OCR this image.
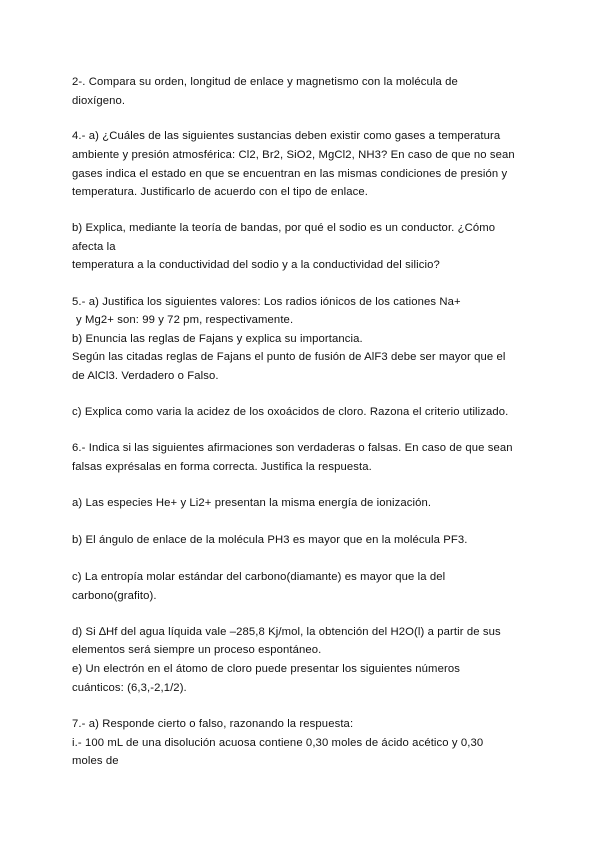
2-. Compara su orden, longitud de enlace y magnetismo con la molécula de
dioxígeno.
4.- a) ¿Cuáles de las siguientes sustancias deben existir como gases a temperatura
ambiente y presión atmosférica: Cl2, Br2, SiO2, MgCl2, NH3? En caso de que no sean
gases indica el estado en que se encuentran en las mismas condiciones de presión y
temperatura. Justificarlo de acuerdo con el tipo de enlace.
b) Explica, mediante la teoría de bandas, por qué el sodio es un conductor. ¿Cómo
afecta la
temperatura a la conductividad del sodio y a la conductividad del silicio?
5.- a) Justifica los siguientes valores: Los radios iónicos de los cationes Na+
y Mg2+ son: 99 y 72 pm, respectivamente.
b) Enuncia las reglas de Fajans y explica su importancia.
Según las citadas reglas de Fajans el punto de fusión de AlF3 debe ser mayor que el
de AlCl3. Verdadero o Falso.
c) Explica como varia la acidez de los oxoácidos de cloro. Razona el criterio utilizado.
6.- Indica si las siguientes afirmaciones son verdaderas o falsas. En caso de que sean
falsas exprésalas en forma correcta. Justifica la respuesta.
a) Las especies He+ y Li2+ presentan la misma energía de ionización.
b) El ángulo de enlace de la molécula PH3 es mayor que en la molécula PF3.
c) La entropía molar estándar del carbono(diamante) es mayor que la del
carbono(grafito).
d) Si ∆Hf del agua líquida vale –285,8 Kj/mol, la obtención del H2O(l) a partir de sus
elementos será siempre un proceso espontáneo.
e) Un electrón en el átomo de cloro puede presentar los siguientes números
cuánticos: (6,3,-2,1/2).
7.- a) Responde cierto o falso, razonando la respuesta:
i.- 100 mL de una disolución acuosa contiene 0,30 moles de ácido acético y 0,30
moles de
